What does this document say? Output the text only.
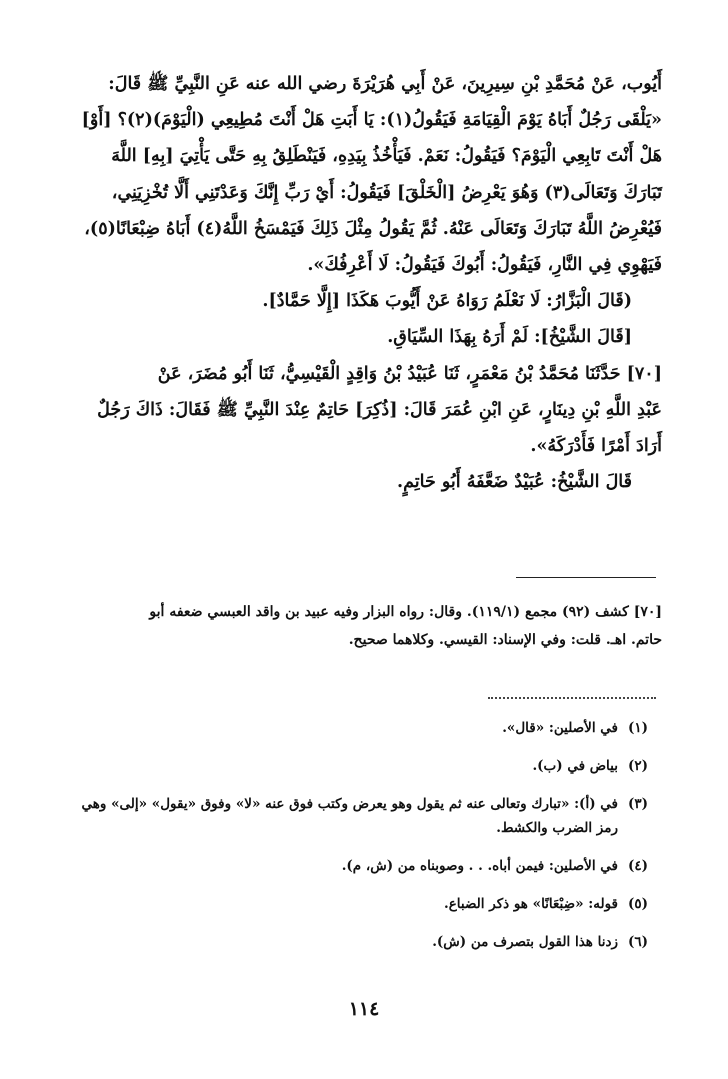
أَيُوب، عَنْ مُحَمَّدِ بْنِ سِيرِينَ، عَنْ أَبِي هُرَيْرَةَ رضي الله عنه عَنِ النَّبِيِّ ﷺ قَالَ:

«يَلْقَى رَجُلٌ أَبَاهُ يَوْمَ الْقِيَامَةِ فَيَقُولُ(١): يَا أَبَتِ هَلْ أَنْتَ مُطِيعِي (الْيَوْمَ)(٢)؟ [أَوْ]

هَلْ أَنْتَ تَابِعِي الْيَوْمَ؟ فَيَقُولُ: نَعَمْ. فَيَأْخُذُ بِيَدِهِ، فَيَنْطَلِقُ بِهِ حَتَّى يَأْتِيَ [بِهِ] اللَّهَ

تَبَارَكَ وَتَعَالَى(٣) وَهُوَ يَعْرِضُ [الْخَلْقَ] فَيَقُولُ: أَيْ رَبِّ إِنَّكَ وَعَدْتَنِي أَلَّا تُخْزِيَنِي،

فَيُعْرِضُ اللَّهُ تَبَارَكَ وَتَعَالَى عَنْهُ. ثُمَّ يَقُولُ مِثْلَ ذَلِكَ فَيَمْسَخُ اللَّهُ(٤) أَبَاهُ ضِبْعَانًا(٥)،

فَيَهْوِي فِي النَّارِ، فَيَقُولُ: أَبُوكَ فَيَقُولُ: لَا أَعْرِفُكَ».

(قَالَ الْبَزَّارُ: لَا نَعْلَمُ رَوَاهُ عَنْ أَيُّوبَ هَكَذَا [إِلَّا حَمَّادٌ].

[قَالَ الشَّيْخُ]: لَمْ أَرَهُ بِهَذَا السِّيَاقِ.

[٧٠] حَدَّثَنَا مُحَمَّدُ بْنُ مَعْمَرٍ، ثَنَا عُبَيْدُ بْنُ وَاقِدٍ الْقَيْسِيُّ، ثَنَا أَبُو مُضَرَ، عَنْ

عَبْدِ اللَّهِ بْنِ دِينَارٍ، عَنِ ابْنِ عُمَرَ قَالَ: [ذُكِرَ] حَاتِمٌ عِنْدَ النَّبِيِّ ﷺ فَقَالَ: ذَاكَ رَجُلٌ

أَرَادَ أَمْرًا فَأَدْرَكَهُ».

قَالَ الشَّيْخُ: عُبَيْدٌ ضَعَّفَهُ أَبُو حَاتِمٍ.

[٧٠] كشف (٩٢) مجمع (١١٩/١). وقال: رواه البزار وفيه عبيد بن واقد العبسي ضعفه أبو

حاتم. اهـ. قلت: وفي الإسناد: القيسي. وكلاهما صحيح.

(١)
في الأصلين: «قال».

(٢)
بياض في (ب).

(٣)
في (أ): «تبارك وتعالى عنه ثم يقول وهو يعرض وكتب فوق عنه «لا» وفوق «يقول» «إلى» وهي رمز الضرب والكشط.

(٤)
في الأصلين: فيمن أباه. . . وصوبناه من (ش، م).

(٥)
قوله: «ضِبْعَانًا» هو ذكر الضباع.

(٦)
زدنا هذا القول بتصرف من (ش).

١١٤
